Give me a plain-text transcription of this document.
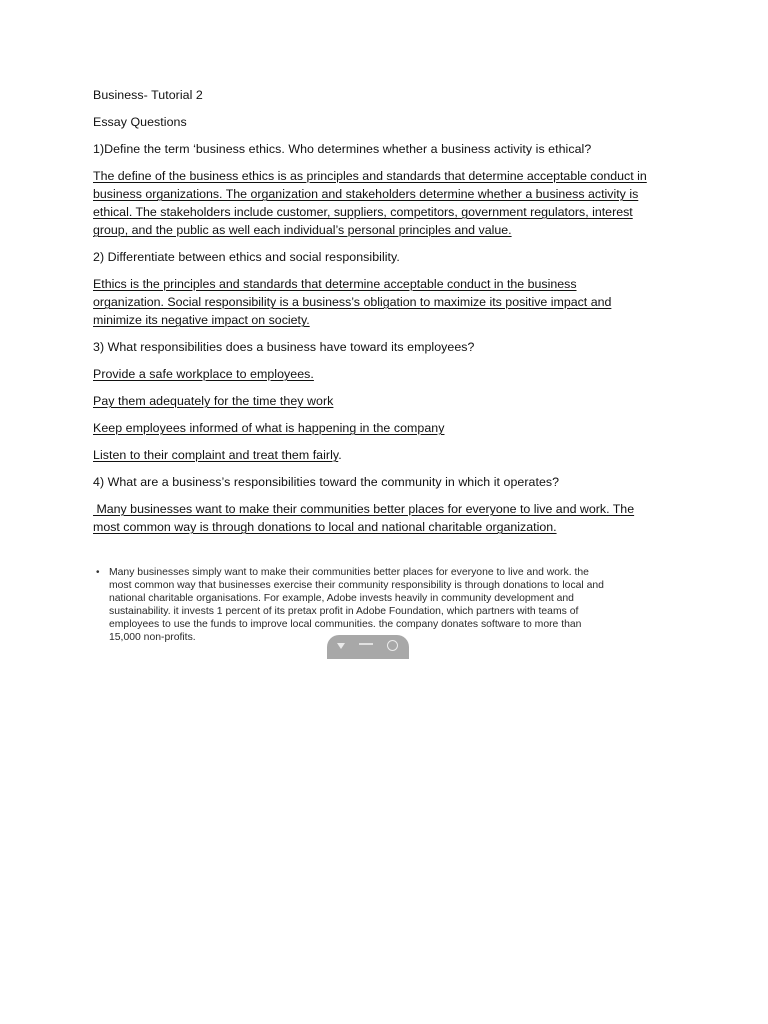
Business- Tutorial 2

Essay Questions

1)Define the term ‘business ethics. Who determines whether a business activity is ethical?

The define of the business ethics is as principles and standards that determine acceptable conduct in
business organizations. The organization and stakeholders determine whether a business activity is
ethical. The stakeholders include customer, suppliers, competitors, government regulators, interest
group, and the public as well each individual’s personal principles and value.

2) Differentiate between ethics and social responsibility.

Ethics is the principles and standards that determine acceptable conduct in the business
organization. Social responsibility is a business’s obligation to maximize its positive impact and
minimize its negative impact on society.

3) What responsibilities does a business have toward its employees?

Provide a safe workplace to employees.

Pay them adequately for the time they work

Keep employees informed of what is happening in the company

Listen to their complaint and treat them fairly.

4) What are a business’s responsibilities toward the community in which it operates?

Many businesses want to make their communities better places for everyone to live and work. The
most common way is through donations to local and national charitable organization.
• Many businesses simply want to make their communities better places for everyone to live and work. the
most common way that businesses exercise their community responsibility is through donations to local and
national charitable organisations. For example, Adobe invests heavily in community development and
sustainability. it invests 1 percent of its pretax profit in Adobe Foundation, which partners with teams of
employees to use the funds to improve local communities. the company donates software to more than
15,000 non-profits.
